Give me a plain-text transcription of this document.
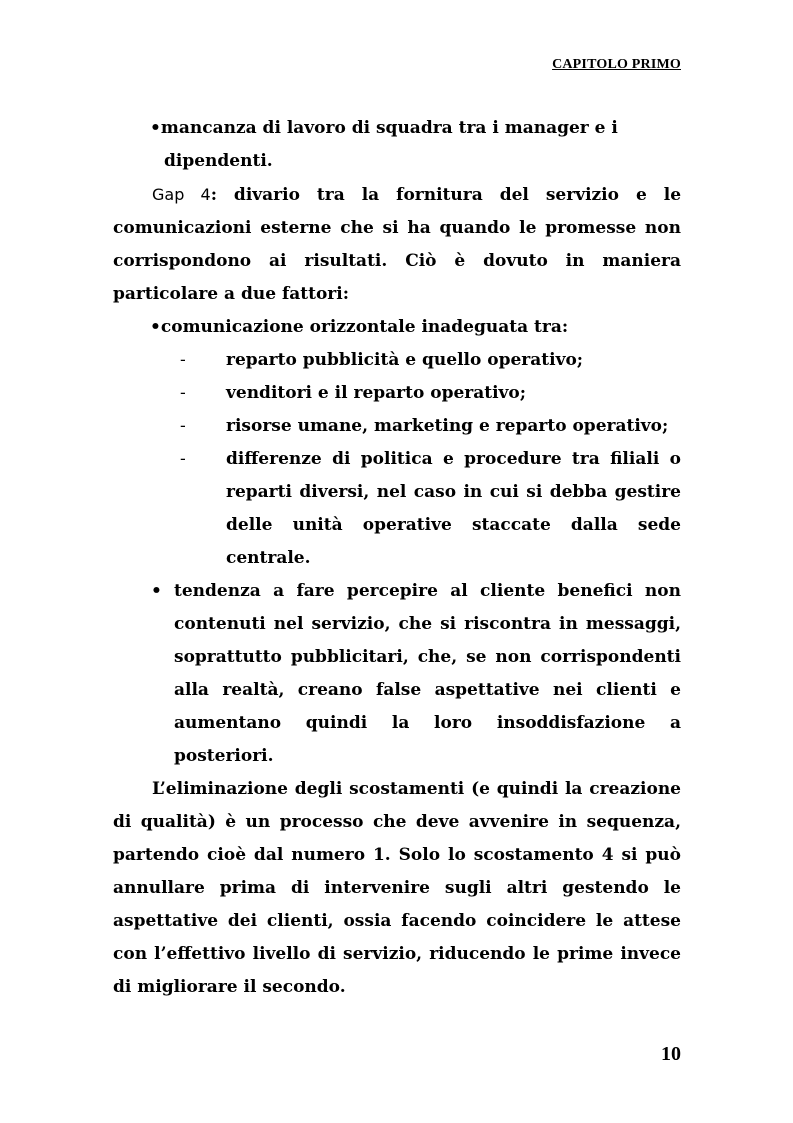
CAPITOLO PRIMO

•mancanza di lavoro di squadra tra i manager e i
dipendenti.

Gap 4: divario tra la fornitura del servizio e le comunicazioni esterne che si ha quando le promesse non corrispondono ai risultati. Ciò è dovuto in maniera particolare a due fattori:

•comunicazione orizzontale inadeguata tra:

- reparto pubblicità e quello operativo;

- venditori e il reparto operativo;

- risorse umane, marketing e reparto operativo;

- differenze di politica e procedure tra filiali o reparti diversi, nel caso in cui si debba gestire delle unità operative staccate dalla sede centrale.

• tendenza a fare percepire al cliente benefici non contenuti nel servizio, che si riscontra in messaggi, soprattutto pubblicitari, che, se non corrispondenti alla realtà, creano false aspettative nei clienti e aumentano quindi la loro insoddisfazione a posteriori.

L’eliminazione degli scostamenti (e quindi la creazione di qualità) è un processo che deve avvenire in sequenza, partendo cioè dal numero 1. Solo lo scostamento 4 si può annullare prima di intervenire sugli altri gestendo le aspettative dei clienti, ossia facendo coincidere le attese con l’effettivo livello di servizio, riducendo le prime invece di migliorare il secondo.

10
